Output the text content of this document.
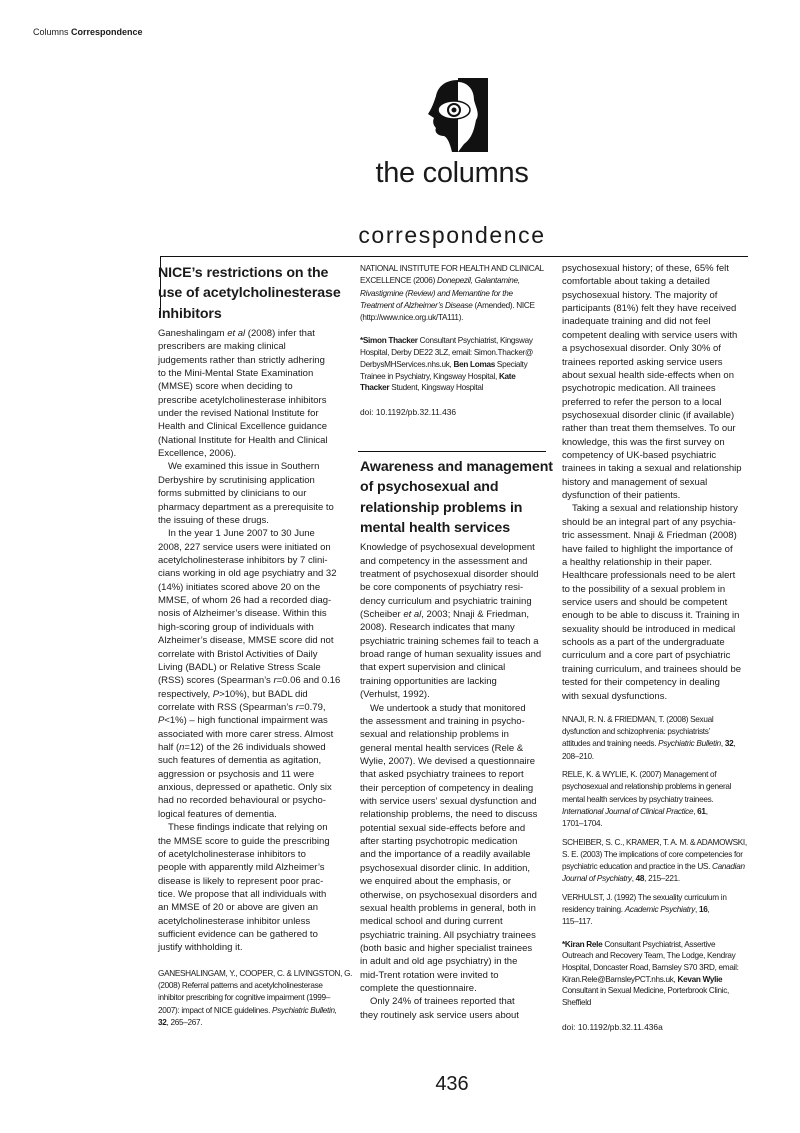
Columns Correspondence
the columns
correspondence
NICE’s restrictions on the
use of acetylcholinesterase
inhibitors
Ganeshalingam et al (2008) infer that
prescribers are making clinical
judgements rather than strictly adhering
to the Mini-Mental State Examination
(MMSE) score when deciding to
prescribe acetylcholinesterase inhibitors
under the revised National Institute for
Health and Clinical Excellence guidance
(National Institute for Health and Clinical
Excellence, 2006).
We examined this issue in Southern
Derbyshire by scrutinising application
forms submitted by clinicians to our
pharmacy department as a prerequisite to
the issuing of these drugs.
In the year 1 June 2007 to 30 June
2008, 227 service users were initiated on
acetylcholinesterase inhibitors by 7 clini-
cians working in old age psychiatry and 32
(14%) initiates scored above 20 on the
MMSE, of whom 26 had a recorded diag-
nosis of Alzheimer’s disease. Within this
high-scoring group of individuals with
Alzheimer’s disease, MMSE score did not
correlate with Bristol Activities of Daily
Living (BADL) or Relative Stress Scale
(RSS) scores (Spearman’s r=0.06 and 0.16
respectively, P>10%), but BADL did
correlate with RSS (Spearman’s r=0.79,
P<1%) – high functional impairment was
associated with more carer stress. Almost
half (n=12) of the 26 individuals showed
such features of dementia as agitation,
aggression or psychosis and 11 were
anxious, depressed or apathetic. Only six
had no recorded behavioural or psycho-
logical features of dementia.
These findings indicate that relying on
the MMSE score to guide the prescribing
of acetylcholinesterase inhibitors to
people with apparently mild Alzheimer’s
disease is likely to represent poor prac-
tice. We propose that all individuals with
an MMSE of 20 or above are given an
acetylcholinesterase inhibitor unless
sufficient evidence can be gathered to
justify withholding it.
GANESHALINGAM, Y., COOPER, C. & LIVINGSTON, G.
(2008) Referral patterns and acetylcholinesterase
inhibitor prescribing for cognitive impairment (1999–
2007): impact of NICE guidelines. Psychiatric Bulletin,
32, 265–267.
NATIONAL INSTITUTE FOR HEALTH AND CLINICAL
EXCELLENCE (2006) Donepezil, Galantamine,
Rivastigmine (Review) and Memantine for the
Treatment of Alzheimer’s Disease (Amended). NICE
(http://www.nice.org.uk/TA111).
*Simon Thacker Consultant Psychiatrist, Kingsway
Hospital, Derby DE22 3LZ, email: Simon.Thacker@
DerbysMHServices.nhs.uk, Ben Lomas Specialty
Trainee in Psychiatry, Kingsway Hospital, Kate
Thacker Student, Kingsway Hospital
doi: 10.1192/pb.32.11.436
Awareness and management
of psychosexual and
relationship problems in
mental health services
Knowledge of psychosexual development
and competency in the assessment and
treatment of psychosexual disorder should
be core components of psychiatry resi-
dency curriculum and psychiatric training
(Scheiber et al, 2003; Nnaji & Friedman,
2008). Research indicates that many
psychiatric training schemes fail to teach a
broad range of human sexuality issues and
that expert supervision and clinical
training opportunities are lacking
(Verhulst, 1992).
We undertook a study that monitored
the assessment and training in psycho-
sexual and relationship problems in
general mental health services (Rele &
Wylie, 2007). We devised a questionnaire
that asked psychiatry trainees to report
their perception of competency in dealing
with service users’ sexual dysfunction and
relationship problems, the need to discuss
potential sexual side-effects before and
after starting psychotropic medication
and the importance of a readily available
psychosexual disorder clinic. In addition,
we enquired about the emphasis, or
otherwise, on psychosexual disorders and
sexual health problems in general, both in
medical school and during current
psychiatric training. All psychiatry trainees
(both basic and higher specialist trainees
in adult and old age psychiatry) in the
mid-Trent rotation were invited to
complete the questionnaire.
Only 24% of trainees reported that
they routinely ask service users about
psychosexual history; of these, 65% felt
comfortable about taking a detailed
psychosexual history. The majority of
participants (81%) felt they have received
inadequate training and did not feel
competent dealing with service users with
a psychosexual disorder. Only 30% of
trainees reported asking service users
about sexual health side-effects when on
psychotropic medication. All trainees
preferred to refer the person to a local
psychosexual disorder clinic (if available)
rather than treat them themselves. To our
knowledge, this was the first survey on
competency of UK-based psychiatric
trainees in taking a sexual and relationship
history and management of sexual
dysfunction of their patients.
Taking a sexual and relationship history
should be an integral part of any psychia-
tric assessment. Nnaji & Friedman (2008)
have failed to highlight the importance of
a healthy relationship in their paper.
Healthcare professionals need to be alert
to the possibility of a sexual problem in
service users and should be competent
enough to be able to discuss it. Training in
sexuality should be introduced in medical
schools as a part of the undergraduate
curriculum and a core part of psychiatric
training curriculum, and trainees should be
tested for their competency in dealing
with sexual dysfunctions.
NNAJI, R. N. & FRIEDMAN, T. (2008) Sexual
dysfunction and schizophrenia: psychiatrists’
attitudes and training needs. Psychiatric Bulletin, 32,
208–210.
RELE, K. & WYLIE, K. (2007) Management of
psychosexual and relationship problems in general
mental health services by psychiatry trainees.
International Journal of Clinical Practice, 61,
1701–1704.
SCHEIBER, S. C., KRAMER, T. A. M. & ADAMOWSKI,
S. E. (2003) The implications of core competencies for
psychiatric education and practice in the US. Canadian
Journal of Psychiatry, 48, 215–221.
VERHULST, J. (1992) The sexuality curriculum in
residency training. Academic Psychiatry, 16,
115–117.
*Kiran Rele Consultant Psychiatrist, Assertive
Outreach and Recovery Team, The Lodge, Kendray
Hospital, Doncaster Road, Barnsley S70 3RD, email:
Kiran.Rele@BarnsleyPCT.nhs.uk, Kevan Wylie
Consultant in Sexual Medicine, Porterbrook Clinic,
Sheffield
doi: 10.1192/pb.32.11.436a
436
